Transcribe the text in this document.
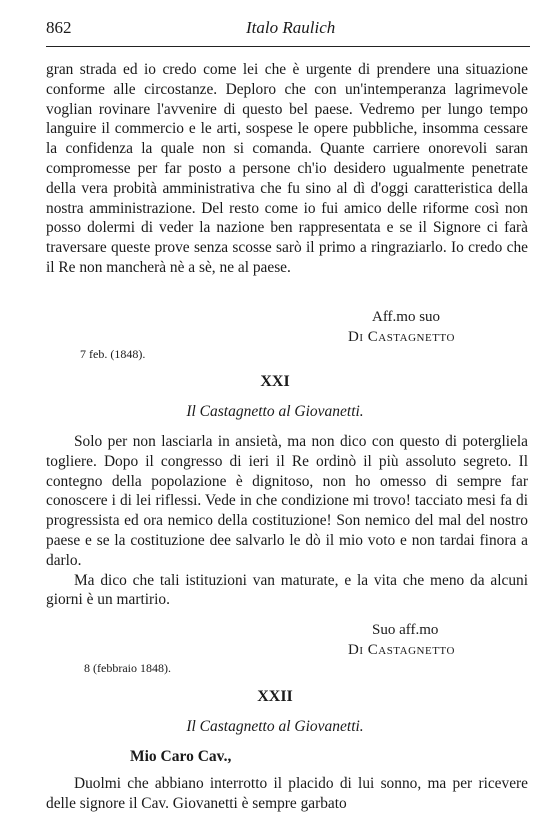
862	Italo Raulich

gran strada ed io credo come lei che è urgente di prendere una situazione conforme alle circostanze. Deploro che con un'intemperanza lagrimevole voglian rovinare l'avvenire di questo bel paese. Vedremo per lungo tempo languire il commercio e le arti, sospese le opere pubbliche, insomma cessare la confidenza la quale non si comanda. Quante carriere onorevoli saran compromesse per far posto a persone ch'io desidero ugualmente penetrate della vera probità amministrativa che fu sino al dì d'oggi caratteristica della nostra amministrazione. Del resto come io fui amico delle riforme così non posso dolermi di veder la nazione ben rappresentata e se il Signore ci farà traversare queste prove senza scosse sarò il primo a ringraziarlo. Io credo che il Re non mancherà nè a sè, ne al paese.

Aff.mo suo
Di Castagnetto
7 feb. (1848).
XXI
Il Castagnetto al Giovanetti.

Solo per non lasciarla in ansietà, ma non dico con questo di potergliela togliere. Dopo il congresso di ieri il Re ordinò il più assoluto segreto. Il contegno della popolazione è dignitoso, non ho omesso di sempre far conoscere i di lei riflessi. Vede in che condizione mi trovo! tacciato mesi fa di progressista ed ora nemico della costituzione! Son nemico del mal del nostro paese e se la costituzione dee salvarlo le dò il mio voto e non tardai finora a darlo.

Ma dico che tali istituzioni van maturate, e la vita che meno da alcuni giorni è un martirio.

Suo aff.mo
Di Castagnetto
8 (febbraio 1848).
XXII
Il Castagnetto al Giovanetti.
Mio Caro Cav.,

Duolmi che abbiano interrotto il placido di lui sonno, ma per ricevere delle signore il Cav. Giovanetti è sempre garbato
